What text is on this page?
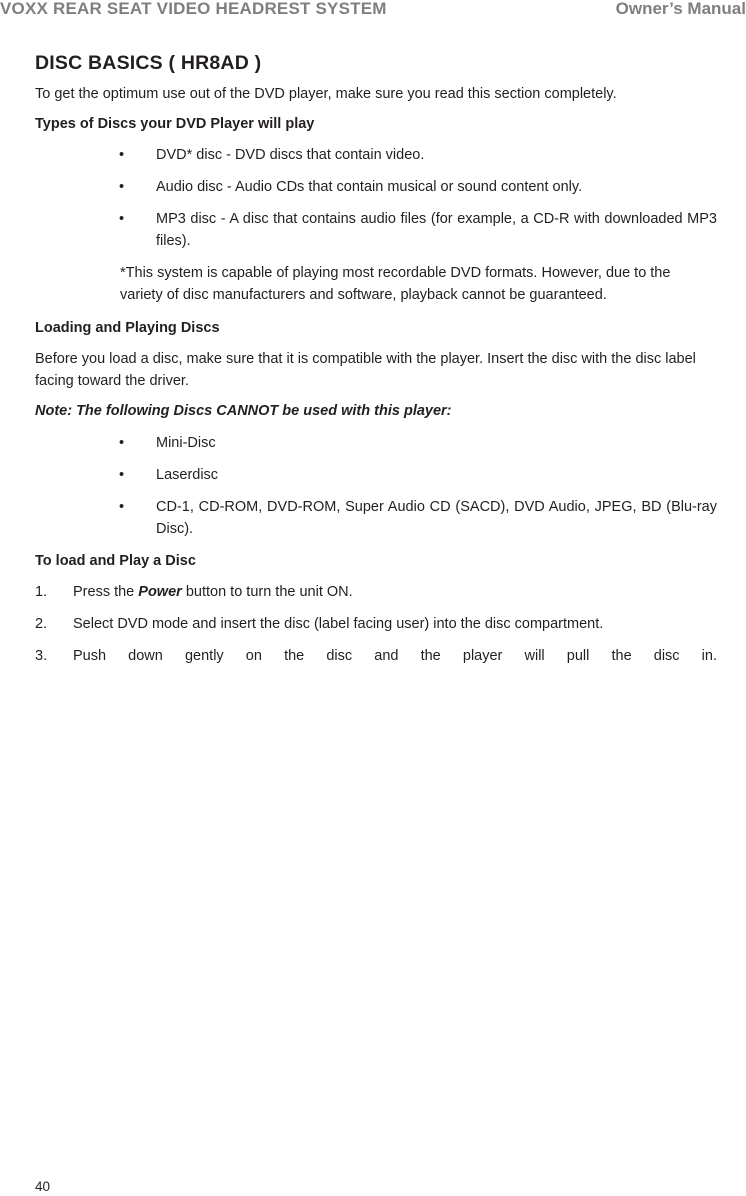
VOXX REAR SEAT VIDEO HEADREST SYSTEM	Owner’s Manual
DISC BASICS ( HR8AD )

To get the optimum use out of the DVD player, make sure you read this section completely.

Types of Discs your DVD Player will play
• DVD* disc - DVD discs that contain video.
• Audio disc - Audio CDs that contain musical or sound content only.
• MP3 disc - A disc that contains audio files (for example, a CD-R with downloaded MP3 files).

*This system is capable of playing most recordable DVD formats. However, due to the variety of disc manufacturers and software, playback cannot be guaranteed.

Loading and Playing Discs

Before you load a disc, make sure that it is compatible with the player. Insert the disc with the disc label facing toward the driver.

Note: The following Discs CANNOT be used with this player:
• Mini-Disc
• Laserdisc
• CD-1, CD-ROM, DVD-ROM, Super Audio CD (SACD), DVD Audio, JPEG, BD (Blu-ray Disc).
To load and Play a Disc
1. Press the Power button to turn the unit ON.
2. Select DVD mode and insert the disc (label facing user) into the disc compartment.
3. Push down gently on the disc and the player will pull the disc in.
40
